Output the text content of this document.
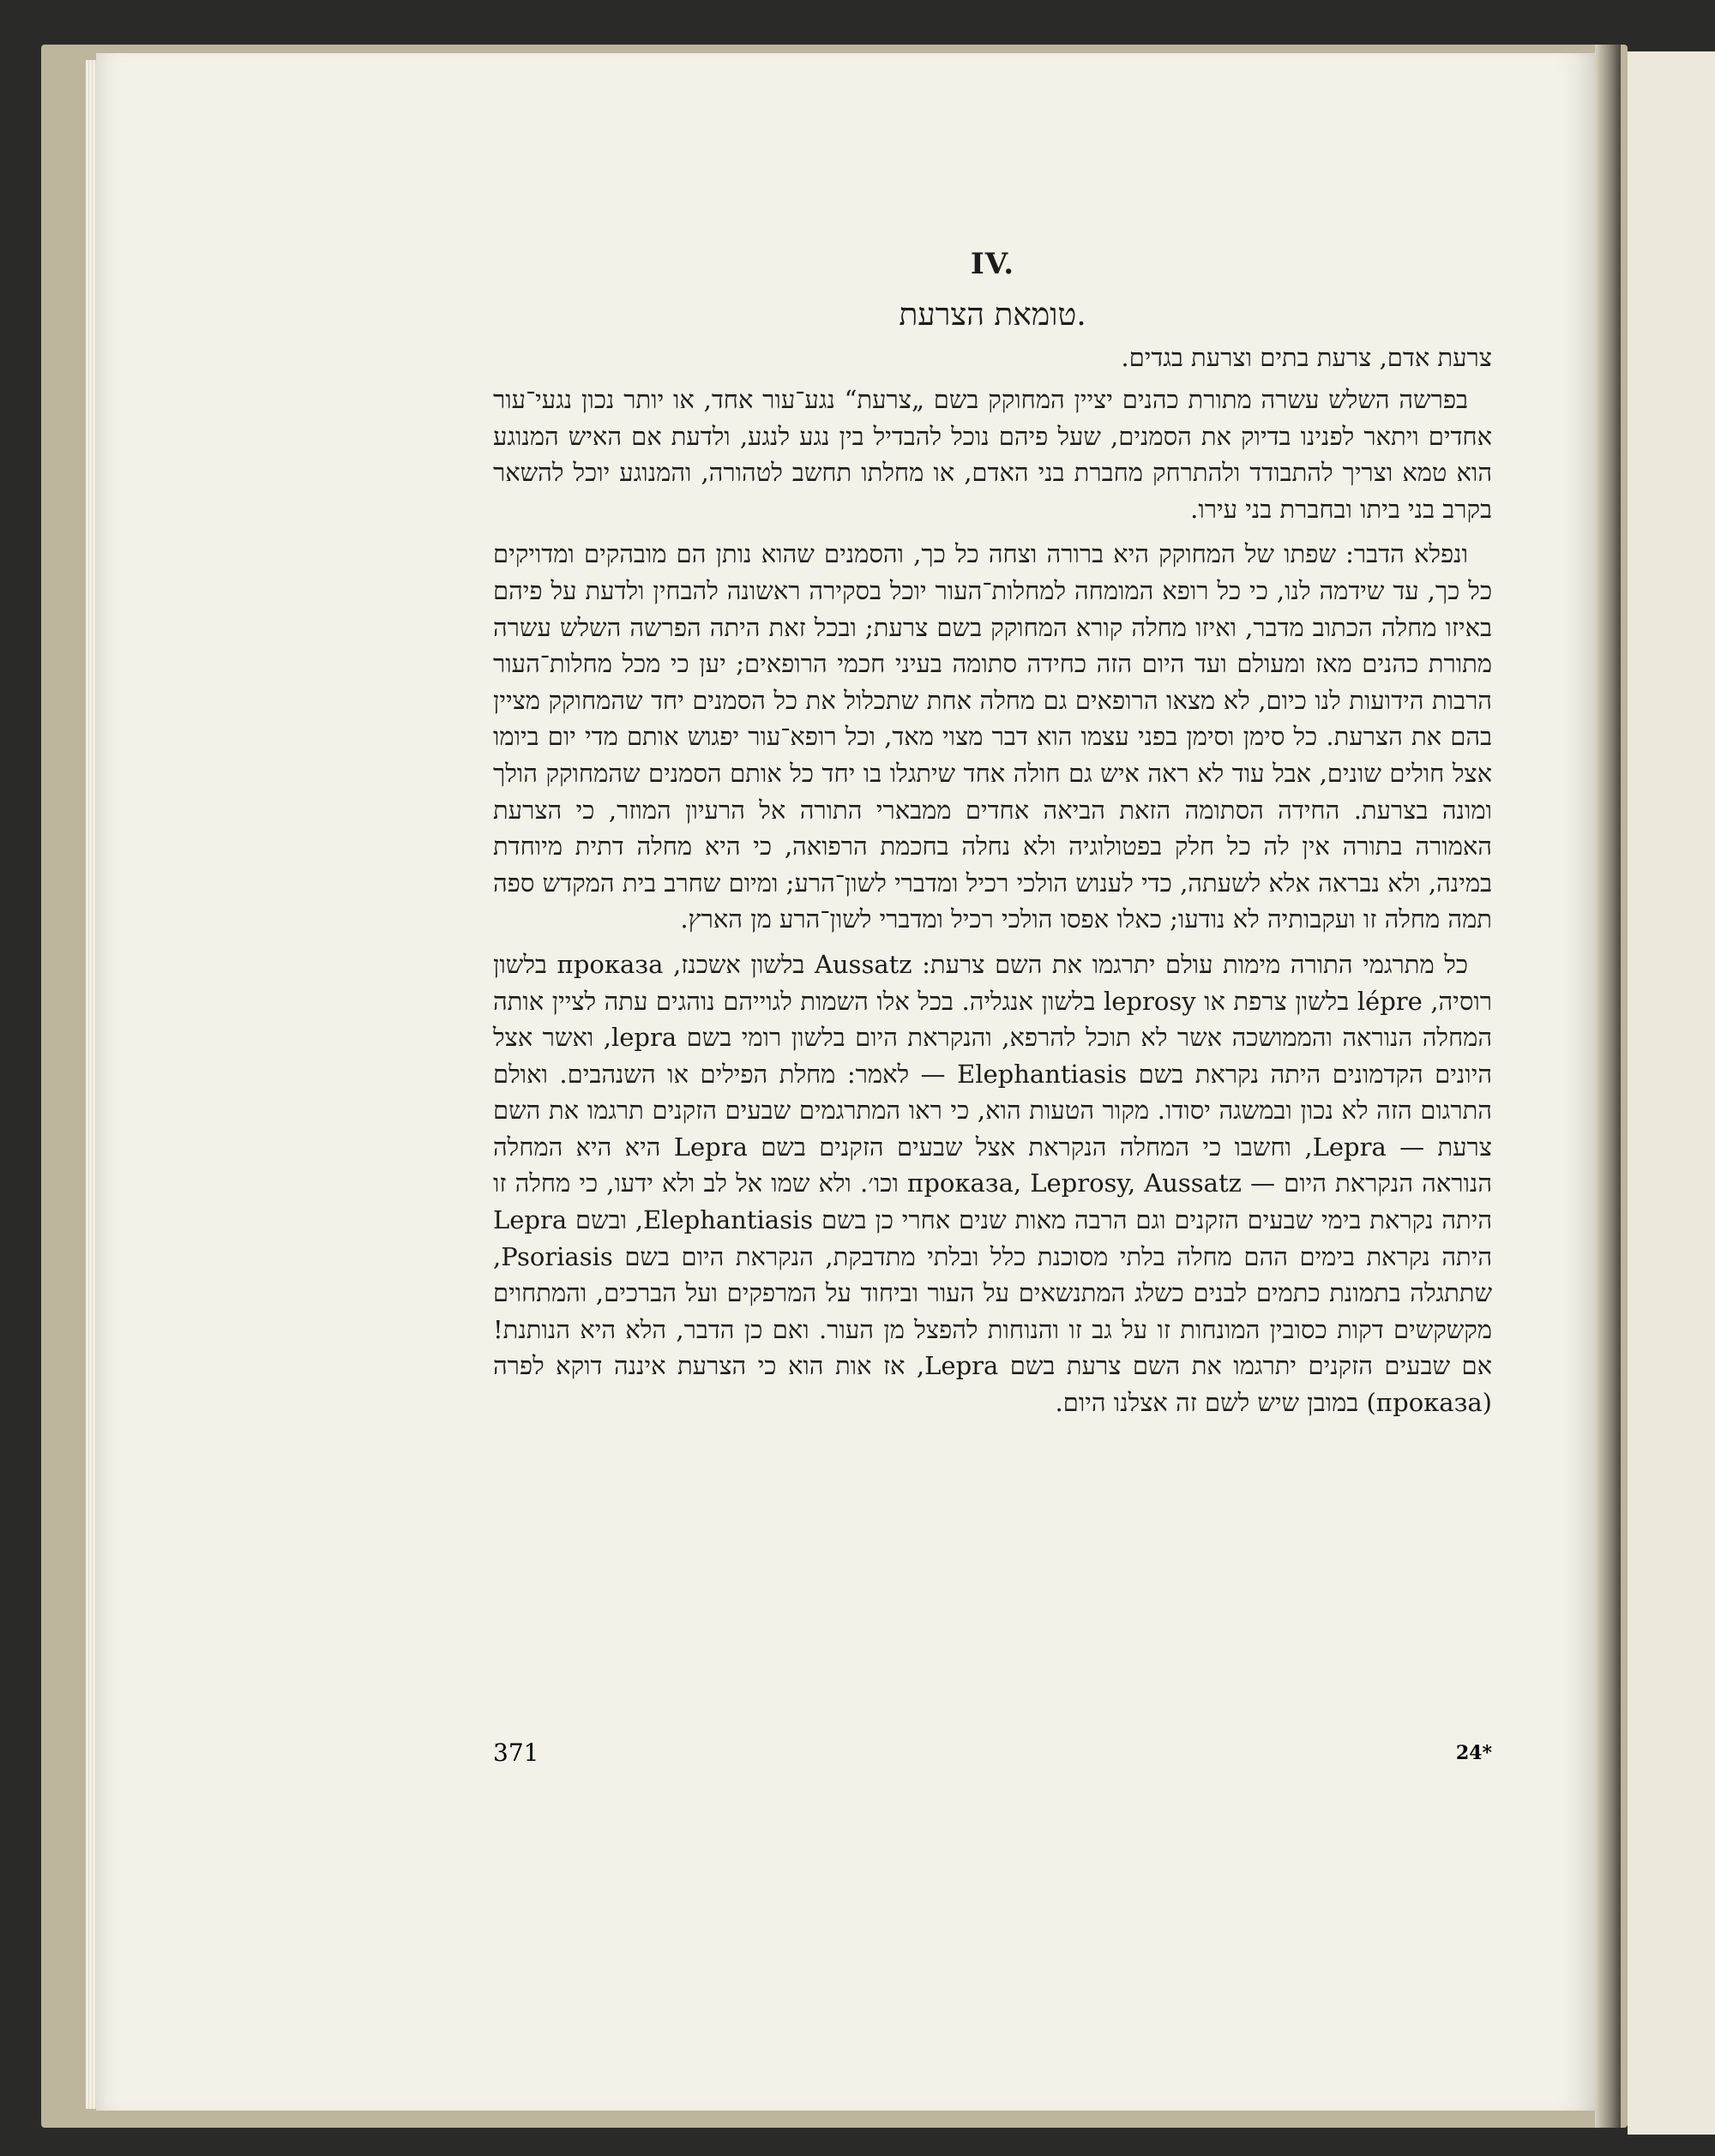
IV.
טומאת הצרעת.
צרעת אדם, צרעת בתים וצרעת בגדים.

בפרשה השלש עשרה מתורת כהנים יציין המחוקק בשם „צרעת“ נגע־עור אחד, או יותר נכון נגעי־עור אחדים ויתאר לפנינו בדיוק את הסמנים, שעל פיהם נוכל להבדיל בין נגע לנגע, ולדעת אם האיש המנוגע הוא טמא וצריך להתבודד ולהתרחק מחברת בני האדם, או מחלתו תחשב לטהורה, והמנוגע יוכל להשאר בקרב בני ביתו ובחברת בני עירו.

ונפלא הדבר: שפתו של המחוקק היא ברורה וצחה כל כך, והסמנים שהוא נותן הם מובהקים ומדויקים כל כך, עד שידמה לנו, כי כל רופא המומחה למחלות־העור יוכל בסקירה ראשונה להבחין ולדעת על פיהם באיזו מחלה הכתוב מדבר, ואיזו מחלה קורא המחוקק בשם צרעת; ובכל זאת היתה הפרשה השלש עשרה מתורת כהנים מאז ומעולם ועד היום הזה כחידה סתומה בעיני חכמי הרופאים; יען כי מכל מחלות־העור הרבות הידועות לנו כיום, לא מצאו הרופאים גם מחלה אחת שתכלול את כל הסמנים יחד שהמחוקק מציין בהם את הצרעת. כל סימן וסימן בפני עצמו הוא דבר מצוי מאד, וכל רופא־עור יפגוש אותם מדי יום ביומו אצל חולים שונים, אבל עוד לא ראה איש גם חולה אחד שיתגלו בו יחד כל אותם הסמנים שהמחוקק הולך ומונה בצרעת. החידה הסתומה הזאת הביאה אחדים ממבארי התורה אל הרעיון המוזר, כי הצרעת האמורה בתורה אין לה כל חלק בפטולוגיה ולא נחלה בחכמת הרפואה, כי היא מחלה דתית מיוחדת במינה, ולא נבראה אלא לשעתה, כדי לענוש הולכי רכיל ומדברי לשון־הרע; ומיום שחרב בית המקדש ספה תמה מחלה זו ועקבותיה לא נודעו; כאלו אפסו הולכי רכיל ומדברי לשון־הרע מן הארץ.

כל מתרגמי התורה מימות עולם יתרגמו את השם צרעת: Aussatz בלשון אשכנז, проказа בלשון רוסיה, lépre בלשון צרפת או leprosy בלשון אנגליה. בכל אלו השמות לגוייהם נוהגים עתה לציין אותה המחלה הנוראה והממושכה אשר לא תוכל להרפא, והנקראת היום בלשון רומי בשם lepra, ואשר אצל היונים הקדמונים היתה נקראת בשם Elephantiasis — לאמר: מחלת הפילים או השנהבים. ואולם התרגום הזה לא נכון ובמשגה יסודו. מקור הטעות הוא, כי ראו המתרגמים שבעים הזקנים תרגמו את השם צרעת — Lepra, וחשבו כי המחלה הנקראת אצל שבעים הזקנים בשם Lepra היא היא המחלה הנוראה הנקראת היום — проказа, Leprosy, Aussatz וכו׳. ולא שמו אל לב ולא ידעו, כי מחלה זו היתה נקראת בימי שבעים הזקנים וגם הרבה מאות שנים אחרי כן בשם Elephantiasis, ובשם Lepra היתה נקראת בימים ההם מחלה בלתי מסוכנת כלל ובלתי מתדבקת, הנקראת היום בשם Psoriasis, שתתגלה בתמונת כתמים לבנים כשלג המתנשאים על העור וביחוד על המרפקים ועל הברכים, והמתחוים מקשקשים דקות כסובין המונחות זו על גב זו והנוחות להפצל מן העור. ואם כן הדבר, הלא היא הנותנת! אם שבעים הזקנים יתרגמו את השם צרעת בשם Lepra, אז אות הוא כי הצרעת איננה דוקא לפרה (проказа) במובן שיש לשם זה אצלנו היום.

371	24*
